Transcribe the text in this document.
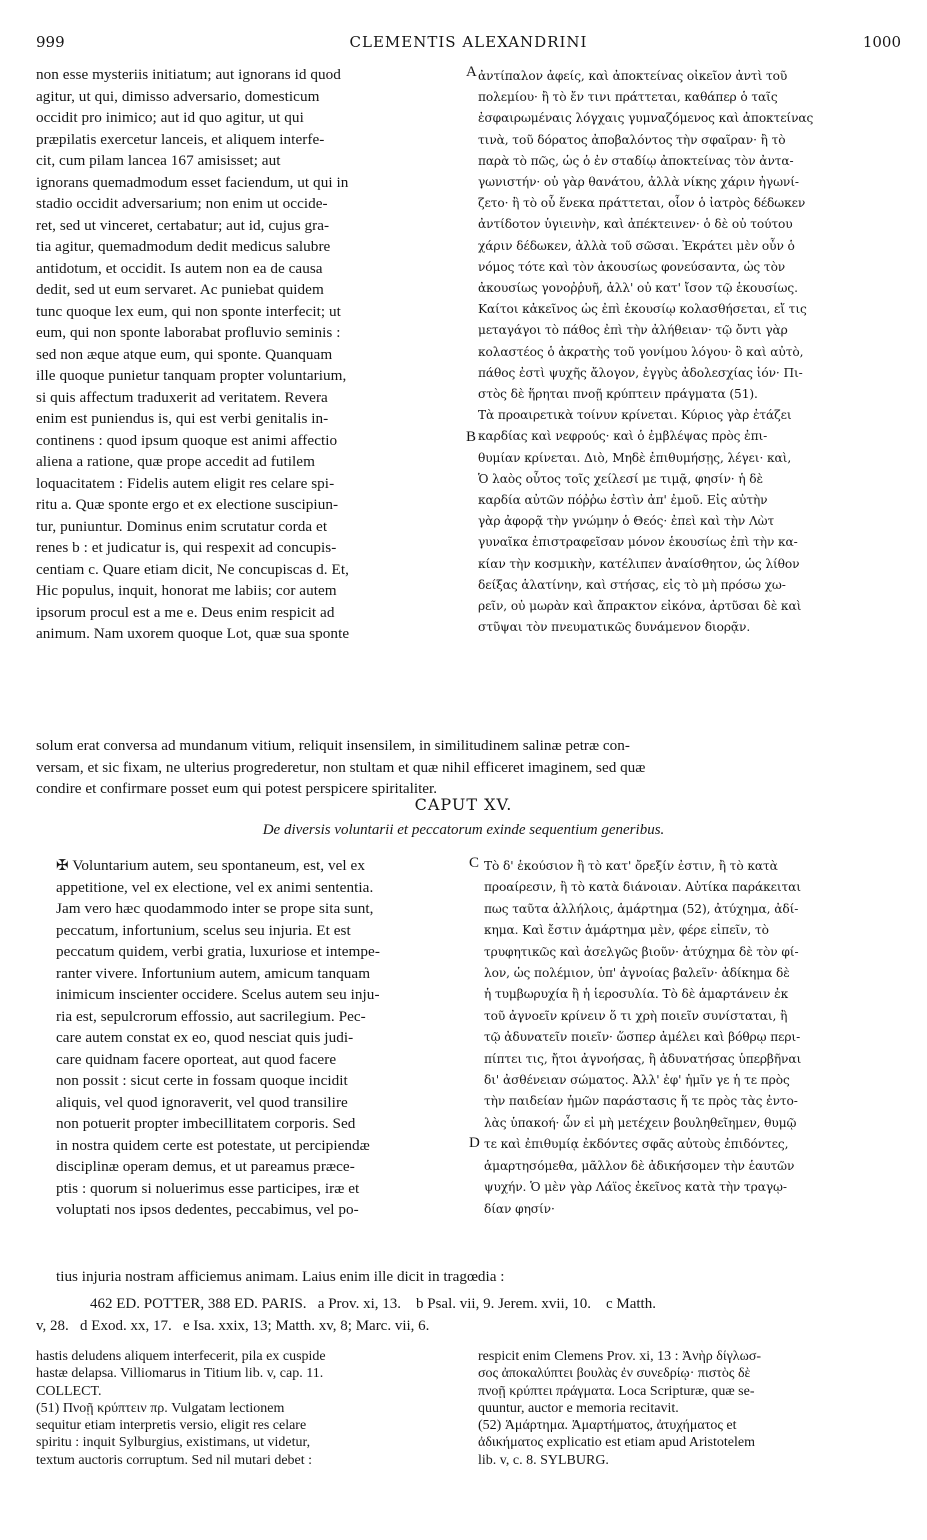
999	CLEMENTIS ALEXANDRINI	1000
non esse mysteriis initiatum; aut ignorans id quod
agitur, ut qui, dimisso adversario, domesticum
occidit pro inimico; aut id quo agitur, ut qui
præpilatis exercetur lanceis, et aliquem interfe-
cit, cum pilam lancea 167 amisisset; aut
ignorans quemadmodum esset faciendum, ut qui in
stadio occidit adversarium; non enim ut occide-
ret, sed ut vinceret, certabatur; aut id, cujus gra-
tia agitur, quemadmodum dedit medicus salubre
antidotum, et occidit. Is autem non ea de causa
dedit, sed ut eum servaret. Ac puniebat quidem
tunc quoque lex eum, qui non sponte interfecit; ut
eum, qui non sponte laborabat profluvio seminis :
sed non æque atque eum, qui sponte. Quanquam
ille quoque punietur tanquam propter voluntarium,
si quis affectum traduxerit ad veritatem. Revera
enim est puniendus is, qui est verbi genitalis in-
continens : quod ipsum quoque est animi affectio
aliena a ratione, quæ prope accedit ad futilem
loquacitatem : Fidelis autem eligit res celare spi-
ritu a. Quæ sponte ergo et ex electione suscipiun-
tur, puniuntur. Dominus enim scrutatur corda et
renes b : et judicatur is, qui respexit ad concupis-
centiam c. Quare etiam dicit, Ne concupiscas d. Et,
Hic populus, inquit, honorat me labiis; cor autem
ipsorum procul est a me e. Deus enim respicit ad
animum. Nam uxorem quoque Lot, quæ sua sponte
ἀντίπαλον ἀφείς, καὶ ἀποκτείνας οἰκεῖον ἀντὶ τοῦ
πολεμίου· ἢ τὸ ἔν τινι πράττεται, καθάπερ ὁ ταῖς
ἐσφαιρωμέναις λόγχαις γυμναζόμενος καὶ ἀποκτείνας
τινὰ, τοῦ δόρατος ἀποβαλόντος τὴν σφαῖραν· ἢ τὸ
παρὰ τὸ πῶς, ὡς ὁ ἐν σταδίῳ ἀποκτείνας τὸν ἀντα-
γωνιστήν· οὐ γὰρ θανάτου, ἀλλὰ νίκης χάριν ἠγωνί-
ζετο· ἢ τὸ οὗ ἕνεκα πράττεται, οἷον ὁ ἰατρὸς δέδωκεν
ἀντίδοτον ὑγιεινὴν, καὶ ἀπέκτεινεν· ὁ δὲ οὐ τούτου
χάριν δέδωκεν, ἀλλὰ τοῦ σῶσαι. Ἐκράτει μὲν οὖν ὁ
νόμος τότε καὶ τὸν ἀκουσίως φονεύσαντα, ὡς τὸν
ἀκουσίως γονοῤῥυῆ, ἀλλ' οὐ κατ' ἴσον τῷ ἑκουσίως.
Καίτοι κἀκεῖνος ὡς ἐπὶ ἑκουσίῳ κολασθήσεται, εἴ τις
μεταγάγοι τὸ πάθος ἐπὶ τὴν ἀλήθειαν· τῷ ὄντι γὰρ
κολαστέος ὁ ἀκρατὴς τοῦ γονίμου λόγου· ὃ καὶ αὐτὸ,
πάθος ἐστὶ ψυχῆς ἄλογον, ἐγγὺς ἀδολεσχίας ἰόν· Πι-
στὸς δὲ ἥρηται πνοῇ κρύπτειν πράγματα (51).
Τὰ προαιρετικὰ τοίνυν κρίνεται. Κύριος γὰρ ἐτάζει
καρδίας καὶ νεφρούς· καὶ ὁ ἐμβλέψας πρὸς ἐπι-
θυμίαν κρίνεται. Διὸ, Μηδὲ ἐπιθυμήσῃς, λέγει· καὶ,
Ὁ λαὸς οὗτος τοῖς χείλεσί με τιμᾷ, φησίν· ἡ δὲ
καρδία αὐτῶν πόῤῥω ἐστὶν ἀπ' ἐμοῦ. Εἰς αὐτὴν
γὰρ ἀφορᾷ τὴν γνώμην ὁ Θεός· ἐπεὶ καὶ τὴν Λὼτ
γυναῖκα ἐπιστραφεῖσαν μόνον ἑκουσίως ἐπὶ τὴν κα-
κίαν τὴν κοσμικὴν, κατέλιπεν ἀναίσθητον, ὡς λίθον
δείξας ἁλατίνην, καὶ στήσας, εἰς τὸ μὴ πρόσω χω-
ρεῖν, οὐ μωρὰν καὶ ἄπρακτον εἰκόνα, ἀρτῦσαι δὲ καὶ
στῦψαι τὸν πνευματικῶς δυνάμενον διορᾷν.
solum erat conversa ad mundanum vitium, reliquit insensilem, in similitudinem salinæ petræ con-
versam, et sic fixam, ne ulterius progrederetur, non stultam et quæ nihil efficeret imaginem, sed quæ
condire et confirmare posset eum qui potest perspicere spiritaliter.
A
B
C
D
CAPUT XV.
De diversis voluntarii et peccatorum exinde sequentium generibus.
✠ Voluntarium autem, seu spontaneum, est, vel ex
appetitione, vel ex electione, vel ex animi sententia.
Jam vero hæc quodammodo inter se prope sita sunt,
peccatum, infortunium, scelus seu injuria. Et est
peccatum quidem, verbi gratia, luxuriose et intempe-
ranter vivere. Infortunium autem, amicum tanquam
inimicum inscienter occidere. Scelus autem seu inju-
ria est, sepulcrorum effossio, aut sacrilegium. Pec-
care autem constat ex eo, quod nesciat quis judi-
care quidnam facere oporteat, aut quod facere
non possit : sicut certe in fossam quoque incidit
aliquis, vel quod ignoraverit, vel quod transilire
non potuerit propter imbecillitatem corporis. Sed
in nostra quidem certe est potestate, ut percipiendæ
disciplinæ operam demus, et ut pareamus præce-
ptis : quorum si noluerimus esse participes, iræ et
voluptati nos ipsos dedentes, peccabimus, vel po-
Τὸ δ' ἑκούσιον ἢ τὸ κατ' ὄρεξίν ἐστιν, ἢ τὸ κατὰ
προαίρεσιν, ἢ τὸ κατὰ διάνοιαν. Αὐτίκα παράκειται
πως ταῦτα ἀλλήλοις, ἁμάρτημα (52), ἀτύχημα, ἀδί-
κημα. Καὶ ἔστιν ἁμάρτημα μὲν, φέρε εἰπεῖν, τὸ
τρυφητικῶς καὶ ἀσελγῶς βιοῦν· ἀτύχημα δὲ τὸν φί-
λον, ὡς πολέμιον, ὑπ' ἀγνοίας βαλεῖν· ἀδίκημα δὲ
ἡ τυμβωρυχία ἢ ἡ ἱεροσυλία. Τὸ δὲ ἁμαρτάνειν ἐκ
τοῦ ἀγνοεῖν κρίνειν ὅ τι χρὴ ποιεῖν συνίσταται, ἢ
τῷ ἀδυνατεῖν ποιεῖν· ὥσπερ ἀμέλει καὶ βόθρῳ περι-
πίπτει τις, ἤτοι ἀγνοήσας, ἢ ἀδυνατήσας ὑπερβῆναι
δι' ἀσθένειαν σώματος. Ἀλλ' ἐφ' ἡμῖν γε ἡ τε πρὸς
τὴν παιδείαν ἡμῶν παράστασις ἥ τε πρὸς τὰς ἐντο-
λὰς ὑπακοή· ὧν εἰ μὴ μετέχειν βουληθεῖημεν, θυμῷ
τε καὶ ἐπιθυμίᾳ ἐκδόντες σφᾶς αὐτοὺς ἐπιδόντες,
ἁμαρτησόμεθα, μᾶλλον δὲ ἀδικήσομεν τὴν ἑαυτῶν
ψυχήν. Ὁ μὲν γὰρ Λάϊος ἐκεῖνος κατὰ τὴν τραγῳ-
δίαν φησίν·
tius injuria nostram afficiemus animam. Laius enim ille dicit in tragœdia :
462 ED. POTTER, 388 ED. PARIS.   a Prov. xi, 13.    b Psal. vii, 9. Jerem. xvii, 10.    c Matth.
v, 28.   d Exod. xx, 17.   e Isa. xxix, 13; Matth. xv, 8; Marc. vii, 6.
hastis deludens aliquem interfecerit, pila ex cuspide
hastæ delapsa. Villiomarus in Titium lib. v, cap. 11.
COLLECT.
(51) Πνοῇ κρύπτειν πρ. Vulgatam lectionem
sequitur etiam interpretis versio, eligit res celare
spiritu : inquit Sylburgius, existimans, ut videtur,
textum auctoris corruptum. Sed nil mutari debet :
respicit enim Clemens Prov. xi, 13 : Ἀνὴρ δίγλωσ-
σος ἀποκαλύπτει βουλὰς ἐν συνεδρίῳ· πιστὸς δὲ
πνοῇ κρύπτει πράγματα. Loca Scripturæ, quæ se-
quuntur, auctor e memoria recitavit.
(52) Ἁμάρτημα. Ἁμαρτήματος, ἀτυχήματος et
ἀδικήματος explicatio est etiam apud Aristotelem
lib. v, c. 8. SYLBURG.
